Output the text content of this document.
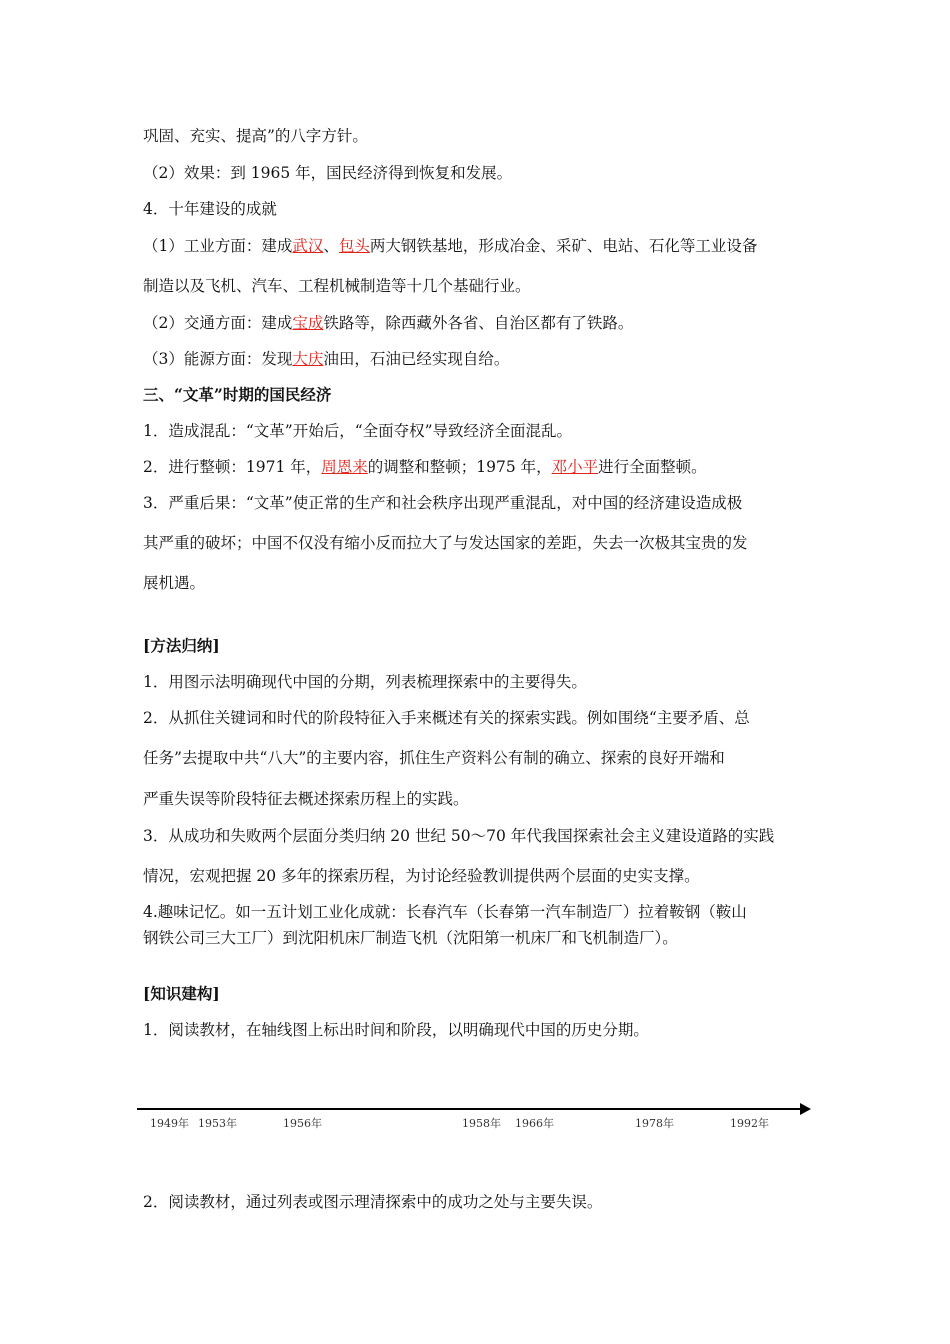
巩固、充实、提高”的八字方针。
（2）效果：到 1965 年，国民经济得到恢复和发展。
4．十年建设的成就
（1）工业方面：建成武汉、包头两大钢铁基地，形成冶金、采矿、电站、石化等工业设备
制造以及飞机、汽车、工程机械制造等十几个基础行业。
（2）交通方面：建成宝成铁路等，除西藏外各省、自治区都有了铁路。
（3）能源方面：发现大庆油田，石油已经实现自给。
三、“文革”时期的国民经济
1．造成混乱：“文革”开始后，“全面夺权”导致经济全面混乱。
2．进行整顿：1971 年，周恩来的调整和整顿；1975 年，邓小平进行全面整顿。
3．严重后果：“文革”使正常的生产和社会秩序出现严重混乱，对中国的经济建设造成极
其严重的破坏；中国不仅没有缩小反而拉大了与发达国家的差距，失去一次极其宝贵的发
展机遇。
[方法归纳]
1．用图示法明确现代中国的分期，列表梳理探索中的主要得失。
2．从抓住关键词和时代的阶段特征入手来概述有关的探索实践。例如围绕“主要矛盾、总
任务”去提取中共“八大”的主要内容，抓住生产资料公有制的确立、探索的良好开端和
严重失误等阶段特征去概述探索历程上的实践。
3．从成功和失败两个层面分类归纳 20 世纪 50～70 年代我国探索社会主义建设道路的实践
情况，宏观把握 20 多年的探索历程，为讨论经验教训提供两个层面的史实支撑。
4.趣味记忆。如一五计划工业化成就：长春汽车（长春第一汽车制造厂）拉着鞍钢（鞍山
钢铁公司三大工厂）到沈阳机床厂制造飞机（沈阳第一机床厂和飞机制造厂）。
[知识建构]
1．阅读教材，在轴线图上标出时间和阶段，以明确现代中国的历史分期。
1949年 1953年	1956年	1958年 1966年	1978年	1992年
2．阅读教材，通过列表或图示理清探索中的成功之处与主要失误。
